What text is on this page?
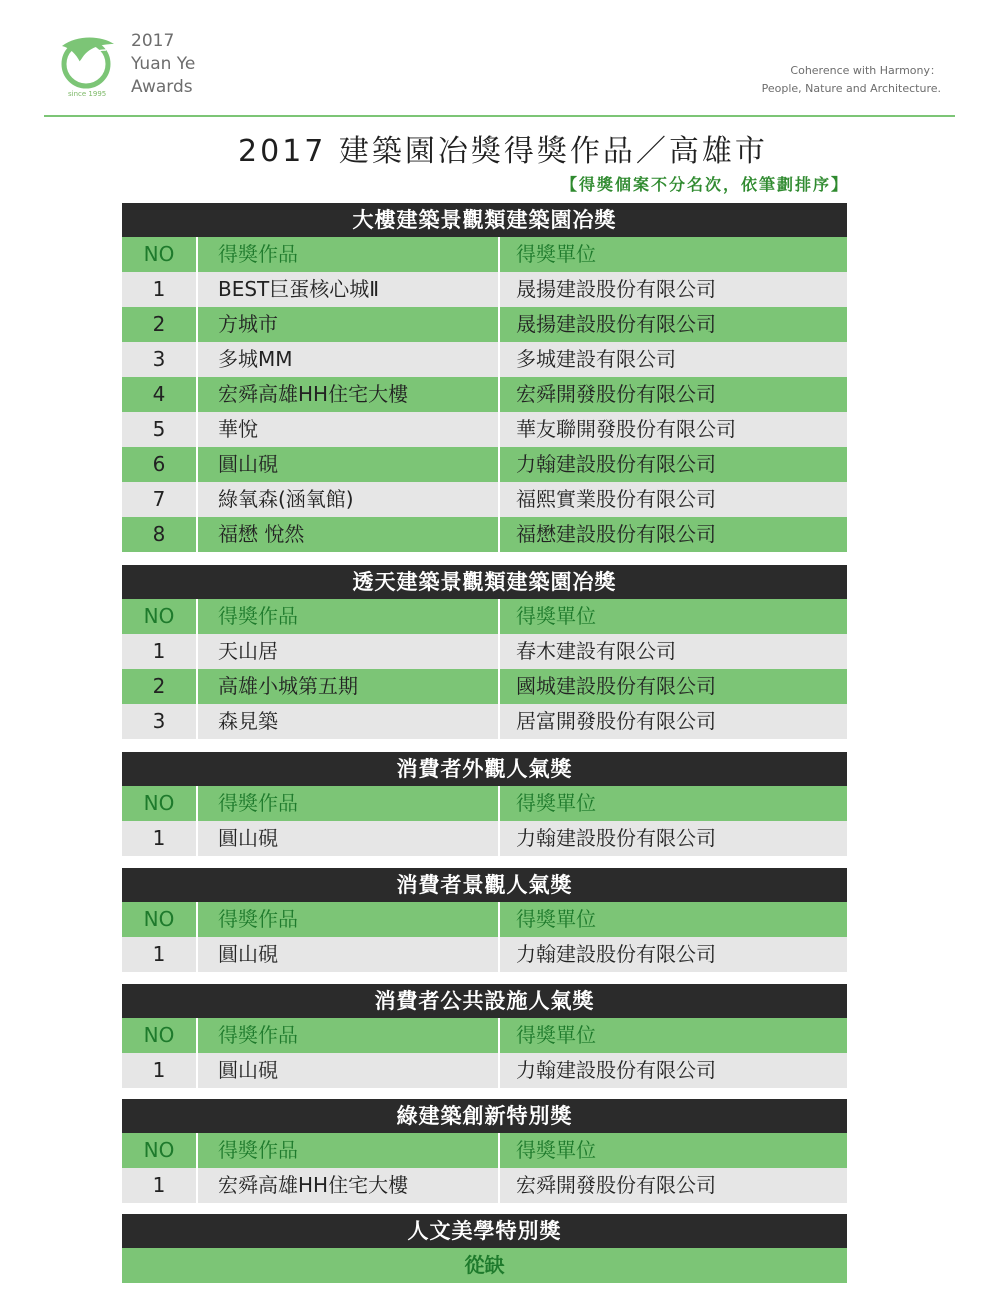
since 1995
2017
Yuan Ye
Awards
Coherence with Harmony：
People, Nature and Architecture.
2017 建築園冶獎得獎作品／高雄市
【得獎個案不分名次，依筆劃排序】
大樓建築景觀類建築園冶獎
NO	得獎作品	得獎單位
1	BEST巨蛋核心城Ⅱ	晟揚建設股份有限公司
2	方城市	晟揚建設股份有限公司
3	多城MM	多城建設有限公司
4	宏舜高雄HH住宅大樓	宏舜開發股份有限公司
5	華悅	華友聯開發股份有限公司
6	圓山硯	力翰建設股份有限公司
7	綠氧森(涵氧館)	福熙實業股份有限公司
8	福懋 悅然	福懋建設股份有限公司
透天建築景觀類建築園冶獎
NO	得獎作品	得獎單位
1	天山居	春木建設有限公司
2	高雄小城第五期	國城建設股份有限公司
3	森見築	居富開發股份有限公司
消費者外觀人氣獎
NO	得獎作品	得獎單位
1	圓山硯	力翰建設股份有限公司
消費者景觀人氣獎
NO	得獎作品	得獎單位
1	圓山硯	力翰建設股份有限公司
消費者公共設施人氣獎
NO	得獎作品	得獎單位
1	圓山硯	力翰建設股份有限公司
綠建築創新特別獎
NO	得獎作品	得獎單位
1	宏舜高雄HH住宅大樓	宏舜開發股份有限公司
人文美學特別獎
從缺
